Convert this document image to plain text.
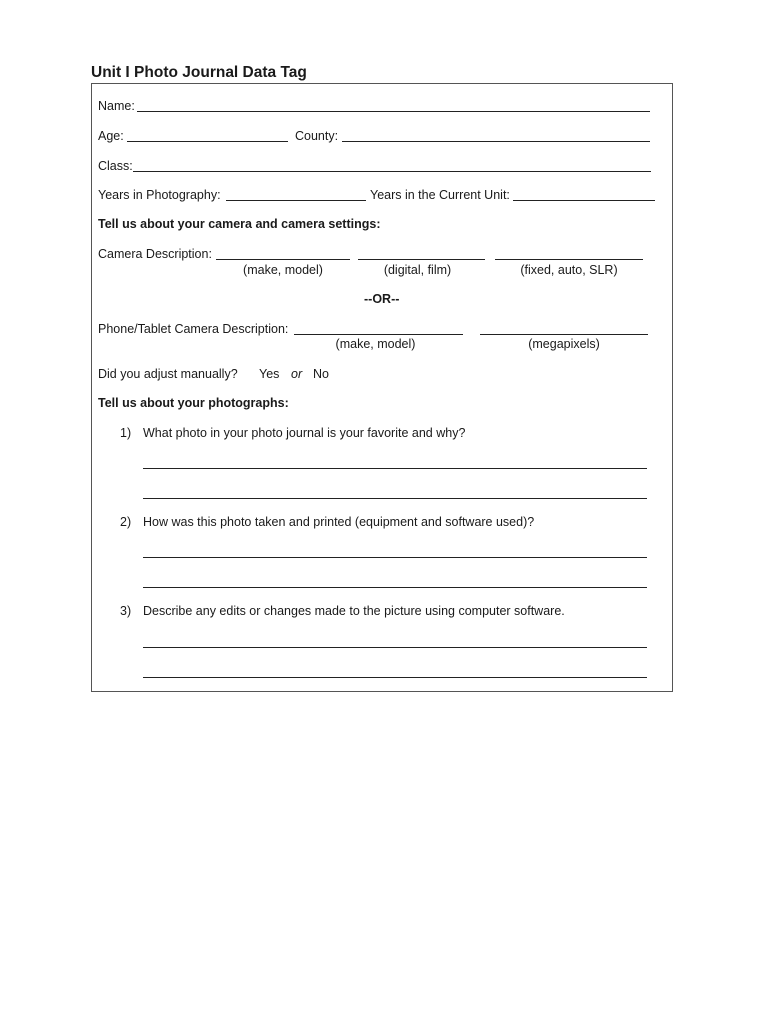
Unit I Photo Journal Data Tag
Name:
Age:	County:
Class:
Years in Photography:	Years in the Current Unit:
Tell us about your camera and camera settings:
Camera Description:
(make, model)	(digital, film)	(fixed, auto, SLR)
--OR--
Phone/Tablet Camera Description:
(make, model)	(megapixels)
Did you adjust manually? Yes or No
Tell us about your photographs:
1) What photo in your photo journal is your favorite and why?
2) How was this photo taken and printed (equipment and software used)?
3) Describe any edits or changes made to the picture using computer software.
